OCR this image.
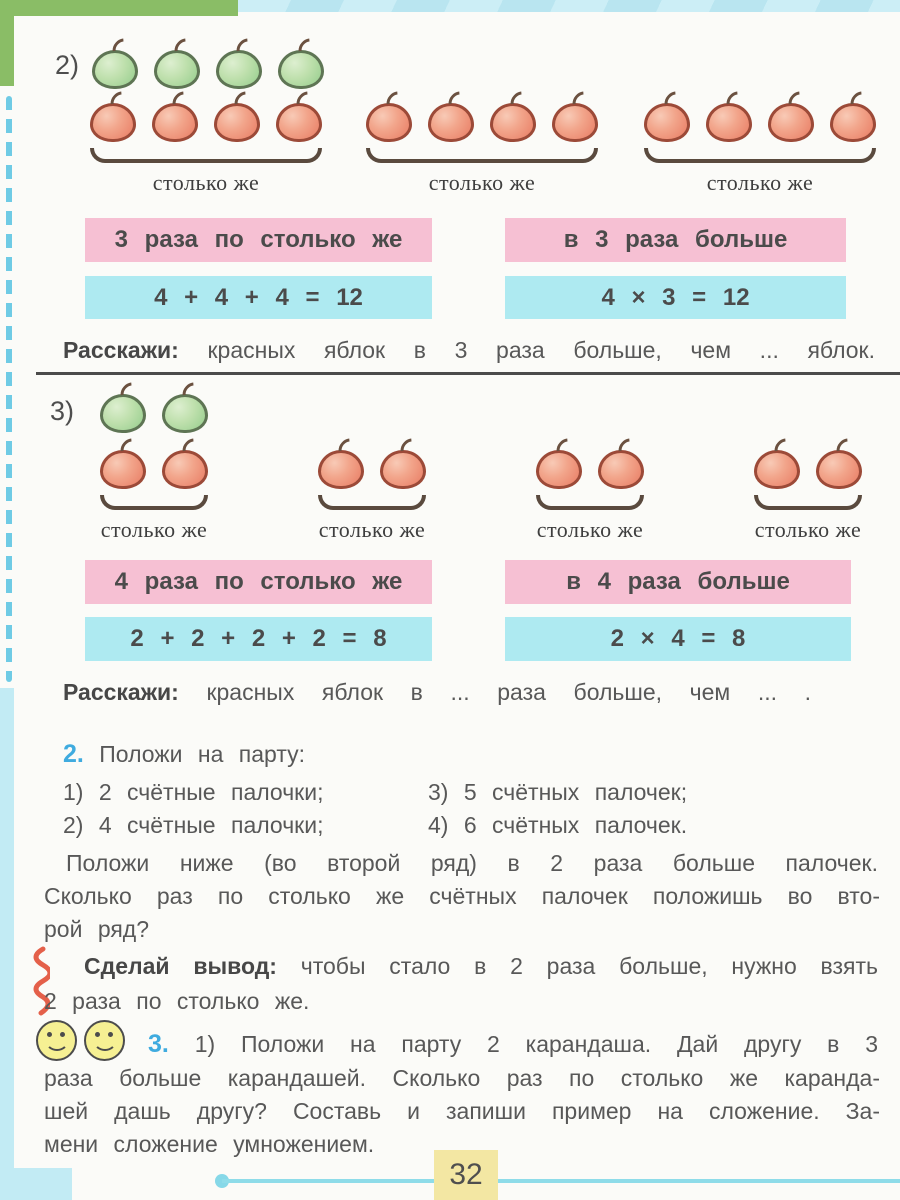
2)
столько же	столько же	столько же
3 раза по столько же	в 3 раза больше
4 + 4 + 4 = 12	4 × 3 = 12
Расскажи: красных яблок в 3 раза больше, чем ... яблок.
3)
столько же	столько же	столько же	столько же
4 раза по столько же	в 4 раза больше
2 + 2 + 2 + 2 = 8	2 × 4 = 8
Расскажи: красных яблок в ... раза больше, чем ... .
2. Положи на парту:
1) 2 счётные палочки;
2) 4 счётные палочки;
3) 5 счётных палочек;
4) 6 счётных палочек.
Положи ниже (во второй ряд) в 2 раза больше палочек.
Сколько раз по столько же счётных палочек положишь во вто-
рой ряд?
Сделай вывод: чтобы стало в 2 раза больше, нужно взять
2 раза по столько же.
3. 1) Положи на парту 2 карандаша. Дай другу в 3
раза больше карандашей. Сколько раз по столько же каранда-
шей дашь другу? Составь и запиши пример на сложение. За-
мени сложение умножением.
32
